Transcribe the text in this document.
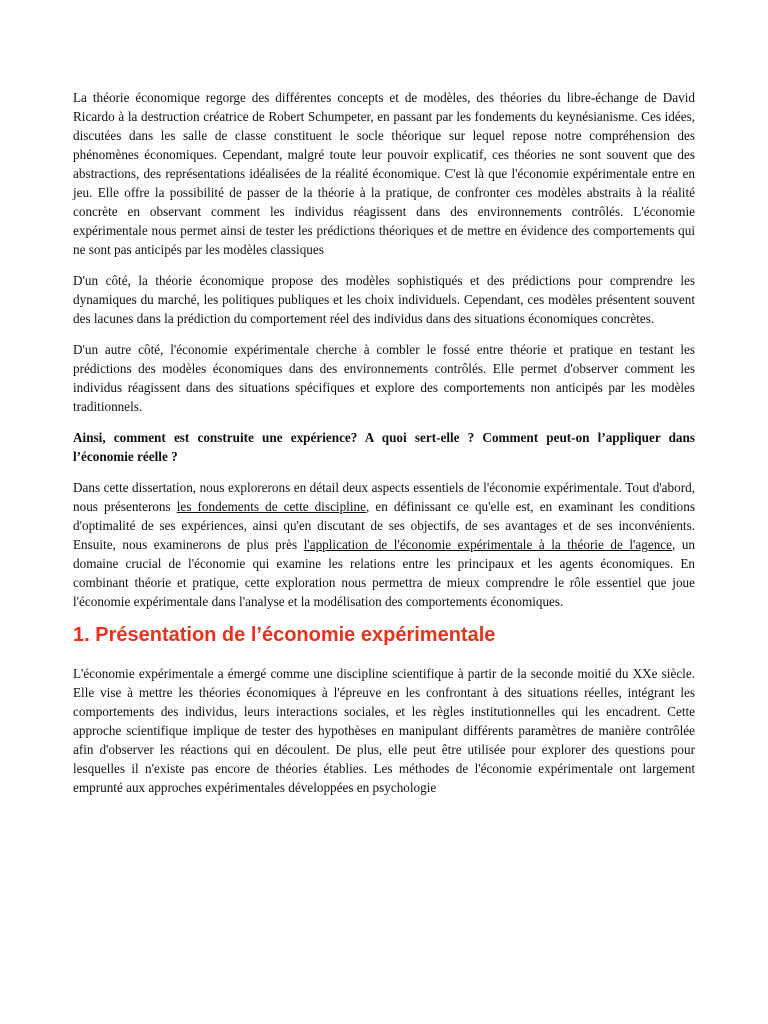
La théorie économique regorge des différentes concepts et de modèles, des théories du libre-échange de David Ricardo à la destruction créatrice de Robert Schumpeter, en passant par les fondements du keynésianisme. Ces idées, discutées dans les salle de classe constituent le socle théorique sur lequel repose notre compréhension des phénomènes économiques. Cependant, malgré toute leur pouvoir explicatif, ces théories ne sont souvent que des abstractions, des représentations idéalisées de la réalité économique. C'est là que l'économie expérimentale entre en jeu. Elle offre la possibilité de passer de la théorie à la pratique, de confronter ces modèles abstraits à la réalité concrète en observant comment les individus réagissent dans des environnements contrôlés. L'économie expérimentale nous permet ainsi de tester les prédictions théoriques et de mettre en évidence des comportements qui ne sont pas anticipés par les modèles classiques

D'un côté, la théorie économique propose des modèles sophistiqués et des prédictions pour comprendre les dynamiques du marché, les politiques publiques et les choix individuels. Cependant, ces modèles présentent souvent des lacunes dans la prédiction du comportement réel des individus dans des situations économiques concrètes.

D'un autre côté, l'économie expérimentale cherche à combler le fossé entre théorie et pratique en testant les prédictions des modèles économiques dans des environnements contrôlés. Elle permet d'observer comment les individus réagissent dans des situations spécifiques et explore des comportements non anticipés par les modèles traditionnels.

Ainsi, comment est construite une expérience? A quoi sert-elle ? Comment peut-on l’appliquer dans l’économie réelle ?

Dans cette dissertation, nous explorerons en détail deux aspects essentiels de l'économie expérimentale. Tout d'abord, nous présenterons les fondements de cette discipline, en définissant ce qu'elle est, en examinant les conditions d'optimalité de ses expériences, ainsi qu'en discutant de ses objectifs, de ses avantages et de ses inconvénients. Ensuite, nous examinerons de plus près l'application de l'économie expérimentale à la théorie de l'agence, un domaine crucial de l'économie qui examine les relations entre les principaux et les agents économiques. En combinant théorie et pratique, cette exploration nous permettra de mieux comprendre le rôle essentiel que joue l'économie expérimentale dans l'analyse et la modélisation des comportements économiques.

1. Présentation de l’économie expérimentale

L'économie expérimentale a émergé comme une discipline scientifique à partir de la seconde moitié du XXe siècle. Elle vise à mettre les théories économiques à l'épreuve en les confrontant à des situations réelles, intégrant les comportements des individus, leurs interactions sociales, et les règles institutionnelles qui les encadrent. Cette approche scientifique implique de tester des hypothèses en manipulant différents paramètres de manière contrôlée afin d'observer les réactions qui en découlent. De plus, elle peut être utilisée pour explorer des questions pour lesquelles il n'existe pas encore de théories établies. Les méthodes de l'économie expérimentale ont largement emprunté aux approches expérimentales développées en psychologie
